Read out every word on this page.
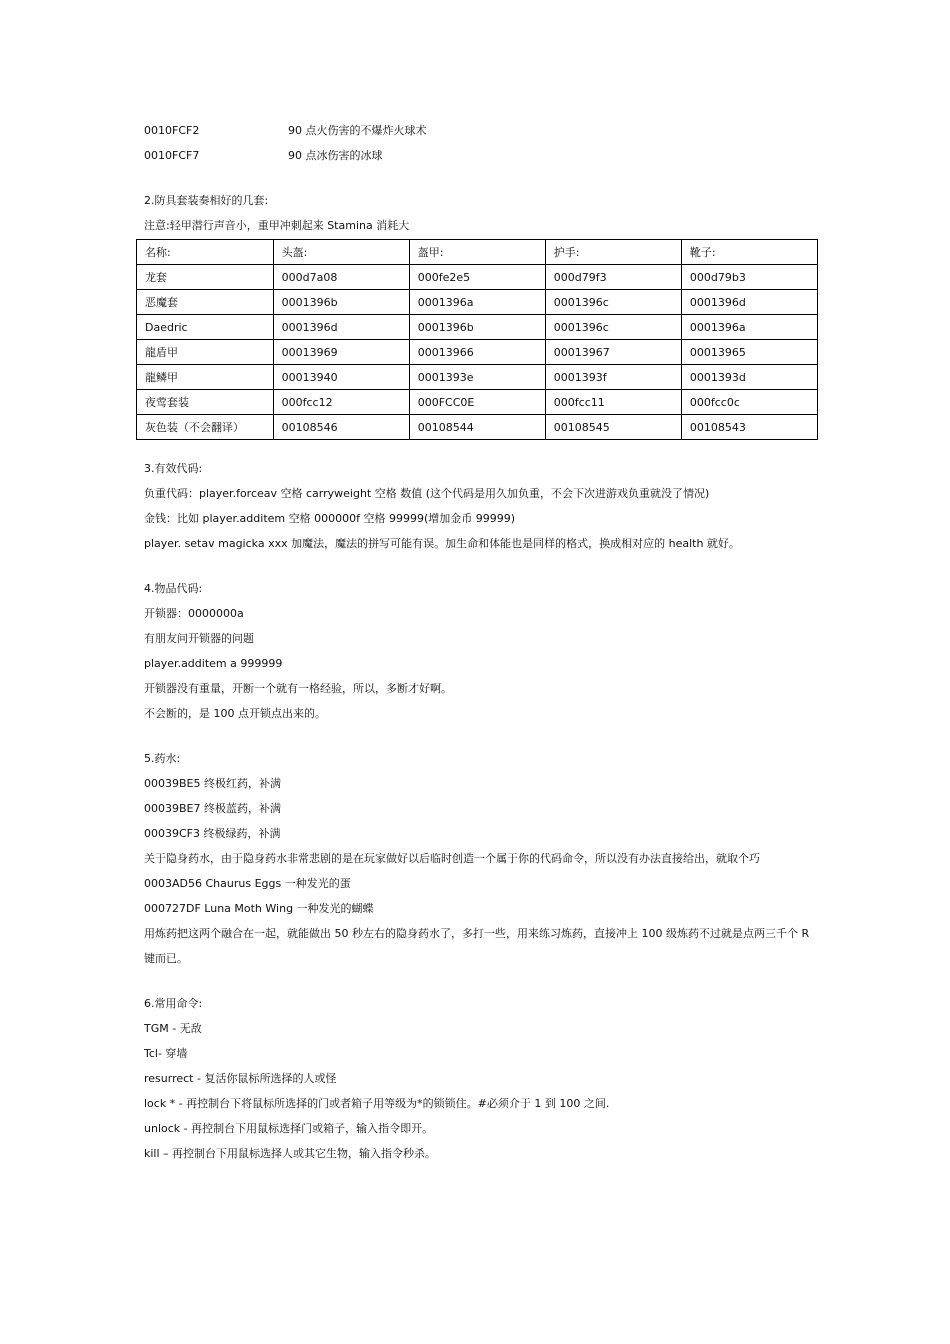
0010FCF2	90 点火伤害的不爆炸火球术
0010FCF7	90 点冰伤害的冰球
2.防具套装奏相好的几套:
注意:轻甲潜行声音小，重甲冲刺起来 Stamina 消耗大
名称:	头盔:	盔甲:	护手:	靴子:
龙套	000d7a08	000fe2e5	000d79f3	000d79b3
恶魔套	0001396b	0001396a	0001396c	0001396d
Daedric	0001396d	0001396b	0001396c	0001396a
龍盾甲	00013969	00013966	00013967	00013965
龍鳞甲	00013940	0001393e	0001393f	0001393d
夜莺套装	000fcc12	000FCC0E	000fcc11	000fcc0c
灰色装（不会翻译）	00108546	00108544	00108545	00108543
3.有效代码:
负重代码：player.forceav 空格 carryweight 空格 数值 (这个代码是用久加负重，不会下次进游戏负重就没了情况)
金钱：比如 player.additem 空格 000000f 空格 99999(增加金币 99999)
player. setav magicka xxx 加魔法，魔法的拼写可能有误。加生命和体能也是同样的格式，换成相对应的 health 就好。
4.物品代码:
开锁器：0000000a
有朋友问开锁器的问题
player.additem a 999999
开锁器没有重量，开断一个就有一格经验，所以，多断才好啊。
不会断的，是 100 点开锁点出来的。
5.药水:
00039BE5 终极红药，补满
00039BE7 终极蓝药，补满
00039CF3 终极绿药，补满
关于隐身药水，由于隐身药水非常悲剧的是在玩家做好以后临时创造一个属于你的代码命令，所以没有办法直接给出，就取个巧
0003AD56 Chaurus Eggs 一种发光的蛋
000727DF Luna Moth Wing 一种发光的蝴蝶
用炼药把这两个融合在一起，就能做出 50 秒左右的隐身药水了，多打一些，用来练习炼药，直接冲上 100 级炼药不过就是点两三千个 R 键而已。
6.常用命令:
TGM - 无敌
Tcl- 穿墙
resurrect - 复活你鼠标所选择的人或怪
lock * - 再控制台下将鼠标所选择的门或者箱子用等级为*的锁锁住。#必须介于 1 到 100 之间.
unlock - 再控制台下用鼠标选择门或箱子，输入指令即开。
kill – 再控制台下用鼠标选择人或其它生物，输入指令秒杀。
